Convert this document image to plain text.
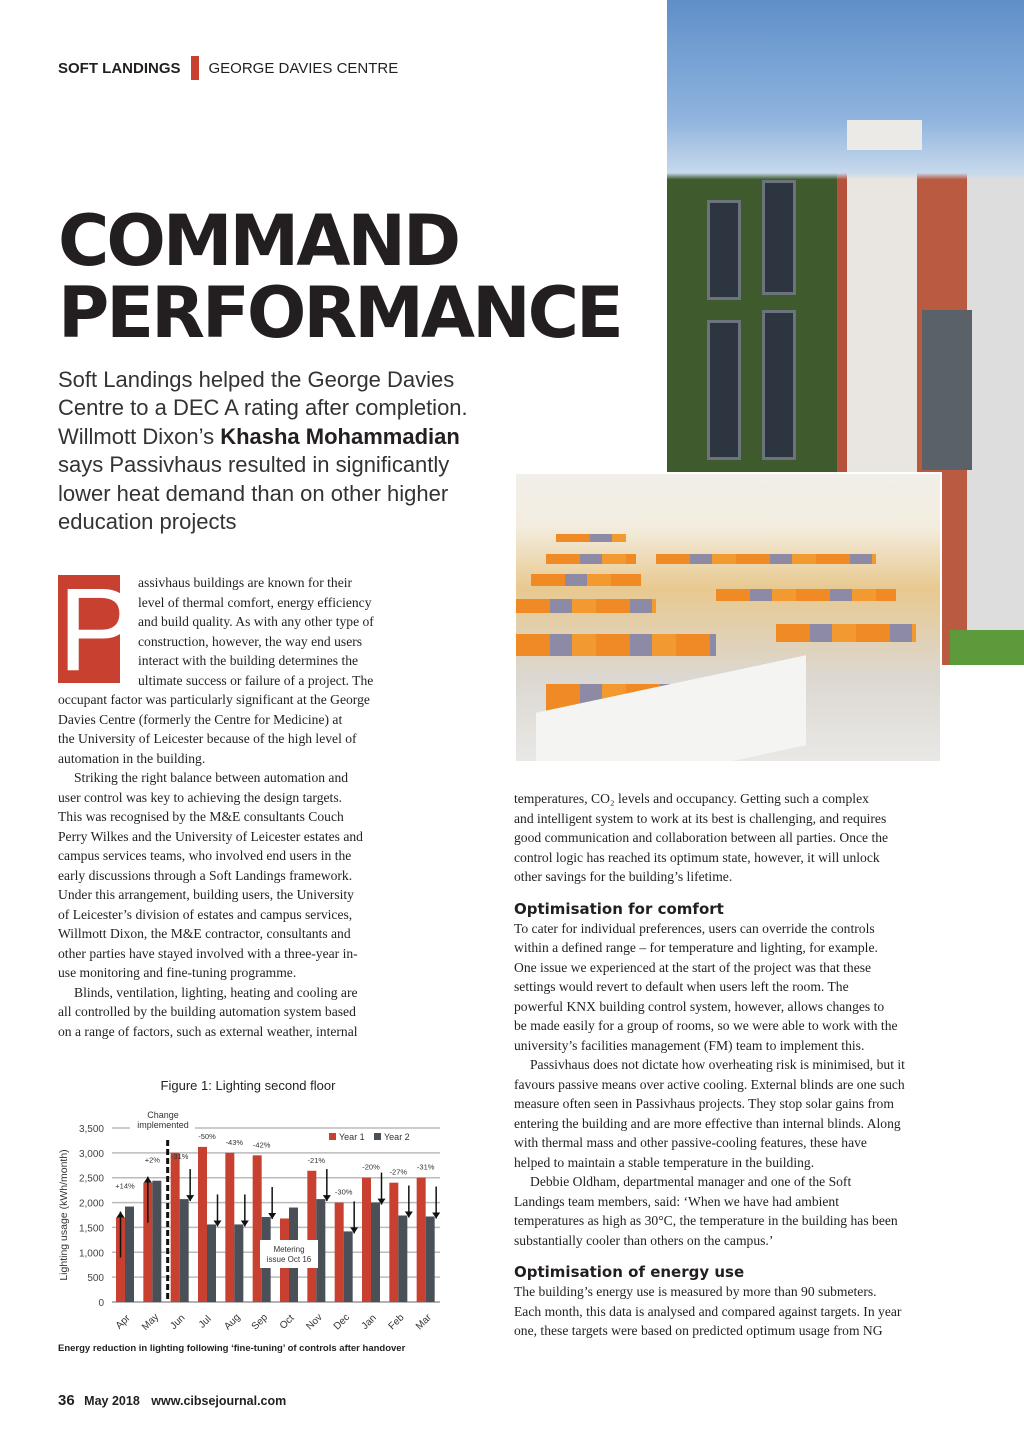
SOFT LANDINGS GEORGE DAVIES CENTRE
COMMAND
PERFORMANCE
Soft Landings helped the George Davies Centre to a DEC A rating after completion. Willmott Dixon’s Khasha Mohammadian says Passivhaus resulted in significantly lower heat demand than on other higher education projects
P assivhaus buildings are known for their
level of thermal comfort, energy efficiency
and build quality. As with any other type of
construction, however, the way end users
interact with the building determines the
ultimate success or failure of a project. The
occupant factor was particularly significant at the George
Davies Centre (formerly the Centre for Medicine) at
the University of Leicester because of the high level of
automation in the building.
Striking the right balance between automation and
user control was key to achieving the design targets.
This was recognised by the M&E consultants Couch
Perry Wilkes and the University of Leicester estates and
campus services teams, who involved end users in the
early discussions through a Soft Landings framework.
Under this arrangement, building users, the University
of Leicester’s division of estates and campus services,
Willmott Dixon, the M&E contractor, consultants and
other parties have stayed involved with a three-year in-
use monitoring and fine-tuning programme.
Blinds, ventilation, lighting, heating and cooling are
all controlled by the building automation system based
on a range of factors, such as external weather, internal
temperatures, CO₂ levels and occupancy. Getting such a complex
and intelligent system to work at its best is challenging, and requires
good communication and collaboration between all parties. Once the
control logic has reached its optimum state, however, it will unlock
other savings for the building’s lifetime.
Optimisation for comfort
To cater for individual preferences, users can override the controls
within a defined range – for temperature and lighting, for example.
One issue we experienced at the start of the project was that these
settings would revert to default when users left the room. The
powerful KNX building control system, however, allows changes to
be made easily for a group of rooms, so we were able to work with the
university’s facilities management (FM) team to implement this.
Passivhaus does not dictate how overheating risk is minimised, but it
favours passive means over active cooling. External blinds are one such
measure often seen in Passivhaus projects. They stop solar gains from
entering the building and are more effective than internal blinds. Along
with thermal mass and other passive-cooling features, these have
helped to maintain a stable temperature in the building.
Debbie Oldham, departmental manager and one of the Soft
Landings team members, said: ‘When we have had ambient
temperatures as high as 30°C, the temperature in the building has been
substantially cooler than others on the campus.’
Optimisation of energy use
The building’s energy use is measured by more than 90 submeters.
Each month, this data is analysed and compared against targets. In year
one, these targets were based on predicted optimum usage from NG
Figure 1: Lighting second floor
0
500
1,000
1,500
2,000
2,500
3,000
3,500
Lighting usage (kWh/month)
Apr
+14%
May
+2%
Jun
-31%
Jul
-50%
Aug
-43%
Sep
-42%
Oct Nov
-21%
Dec
-30%
Jan
-20%
Feb
-27%
Mar
-31%
Change implemented
Metering issue Oct 16
Year 1 Year 2
Energy reduction in lighting following ‘fine-tuning’ of controls after handover
36 May 2018 www.cibsejournal.com
